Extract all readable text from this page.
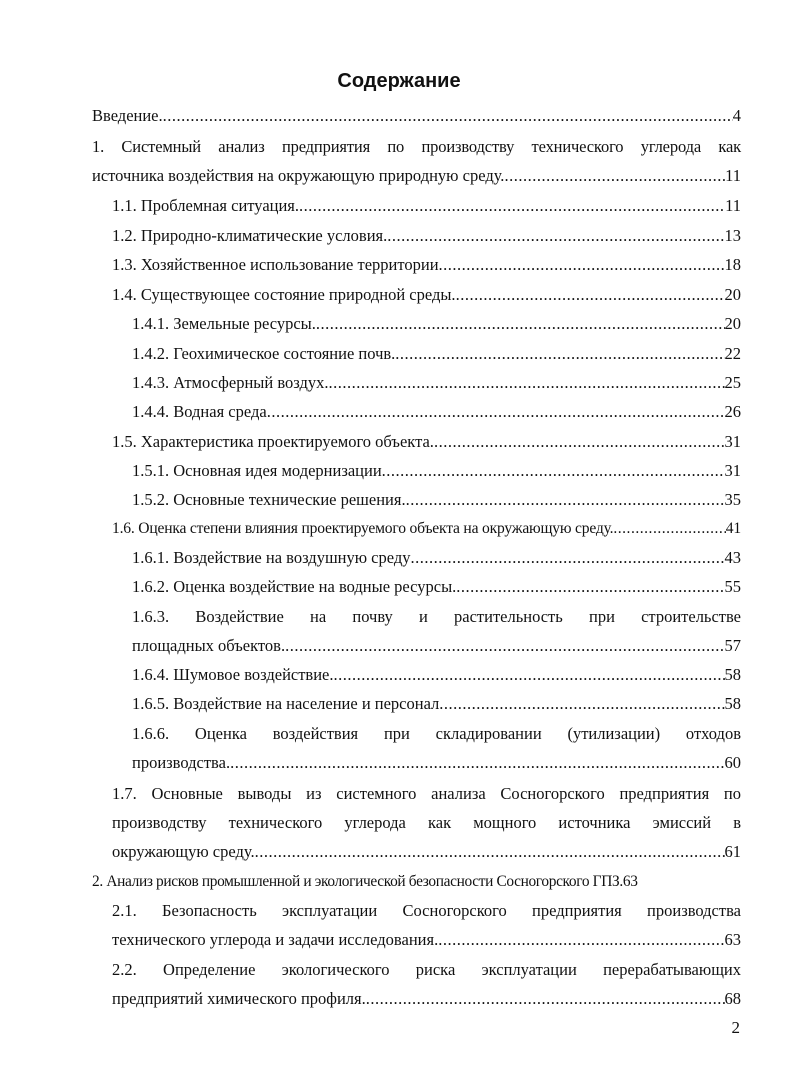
Содержание
Введение. .....	4
1. Системный анализ предприятия по производству технического углерода как
источника воздействия на окружающую природную среду. .....	11
1.1. Проблемная ситуация. .....	11
1.2. Природно-климатические условия. .....	13
1.3. Хозяйственное использование территории .....	18
1.4. Существующее состояние природной среды. .....	20
1.4.1. Земельные ресурсы. .....	20
1.4.2. Геохимическое состояние почв. .....	22
1.4.3. Атмосферный воздух. .....	25
1.4.4. Водная среда .....	26
1.5. Характеристика проектируемого объекта. .....	31
1.5.1. Основная идея модернизации .....	31
1.5.2. Основные технические решения. .....	35
1.6. Оценка степени влияния проектируемого объекта на окружающую среду. .....	41
1.6.1. Воздействие на воздушную среду .....	43
1.6.2. Оценка воздействие на водные ресурсы. .....	55
1.6.3. Воздействие на почву и растительность при строительстве
площадных объектов. .....	57
1.6.4. Шумовое воздействие. .....	58
1.6.5. Воздействие на население и персонал .....	58
1.6.6. Оценка воздействия при складировании (утилизации) отходов
производства. .....	60
1.7. Основные выводы из системного анализа Сосногорского предприятия по
производству технического углерода как мощного источника эмиссий в
окружающую среду. .....	61
2. Анализ рисков промышленной и экологической безопасности Сосногорского ГПЗ. 63
2.1. Безопасность эксплуатации Сосногорского предприятия производства
технического углерода и задачи исследования. .....	63
2.2. Определение экологического риска эксплуатации перерабатывающих
предприятий химического профиля. .....	68
2
